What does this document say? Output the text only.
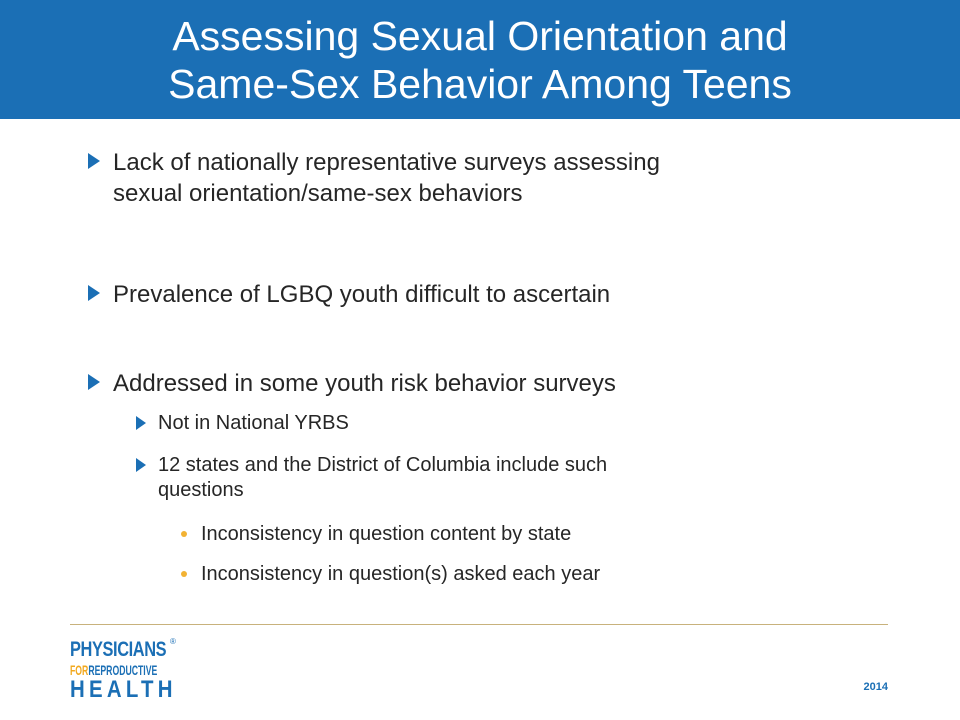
Assessing Sexual Orientation and
Same-Sex Behavior Among Teens
Lack of nationally representative surveys assessing
sexual orientation/same-sex behaviors
Prevalence of LGBQ youth difficult to ascertain
Addressed in some youth risk behavior surveys
Not in National YRBS
12 states and the District of Columbia include such
questions
Inconsistency in question content by state
Inconsistency in question(s) asked each year
PHYSICIANS ®
FORREPRODUCTIVE
HEALTH	2014
